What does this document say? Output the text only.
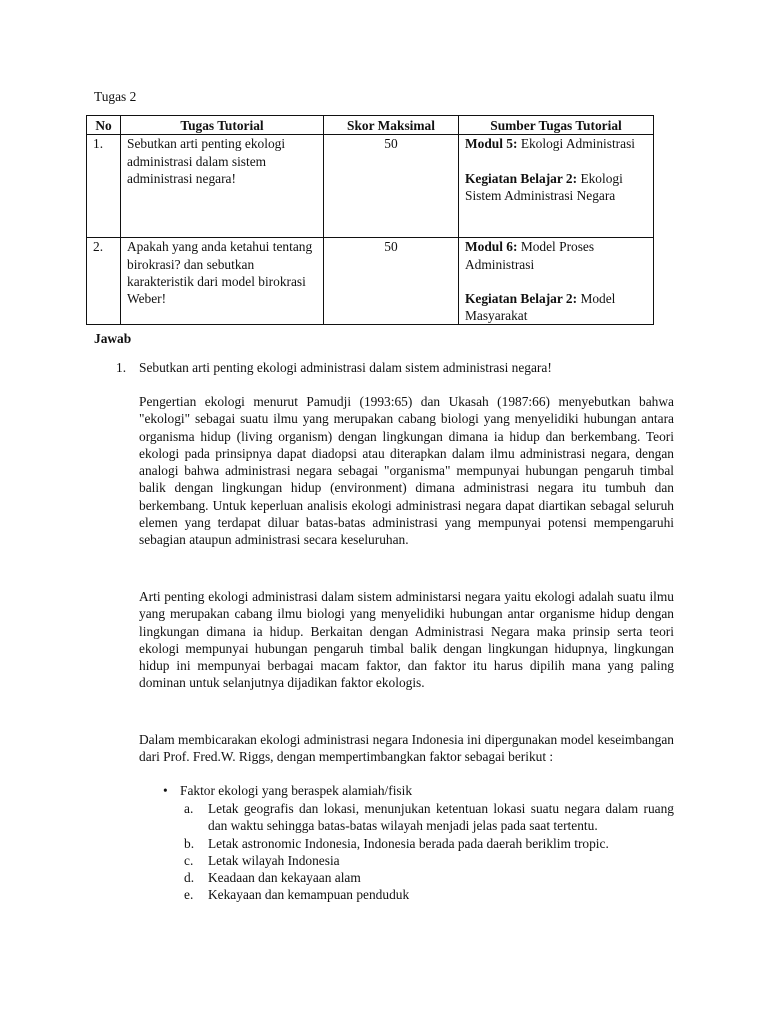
Tugas 2
No	Tugas Tutorial	Skor Maksimal	Sumber Tugas Tutorial
1.	Sebutkan arti penting ekologi administrasi dalam sistem administrasi negara!	50	Modul 5: Ekologi Administrasi
Kegiatan Belajar 2: Ekologi Sistem Administrasi Negara
2.	Apakah yang anda ketahui tentang birokrasi? dan sebutkan karakteristik dari model birokrasi Weber!	50	Modul 6: Model Proses Administrasi
Kegiatan Belajar 2: Model Masyarakat
Jawab
1. Sebutkan arti penting ekologi administrasi dalam sistem administrasi negara!
Pengertian ekologi menurut Pamudji (1993:65) dan Ukasah (1987:66) menyebutkan bahwa "ekologi" sebagai suatu ilmu yang merupakan cabang biologi yang menyelidiki hubungan antara organisma hidup (living organism) dengan lingkungan dimana ia hidup dan berkembang. Teori ekologi pada prinsipnya dapat diadopsi atau diterapkan dalam ilmu administrasi negara, dengan analogi bahwa administrasi negara sebagai "organisma" mempunyai hubungan pengaruh timbal balik dengan lingkungan hidup (environment) dimana administrasi negara itu tumbuh dan berkembang. Untuk keperluan analisis ekologi administrasi negara dapat diartikan sebagal seluruh elemen yang terdapat diluar batas-batas administrasi yang mempunyai potensi mempengaruhi sebagian ataupun administrasi secara keseluruhan.
Arti penting ekologi administrasi dalam sistem administarsi negara yaitu ekologi adalah suatu ilmu yang merupakan cabang ilmu biologi yang menyelidiki hubungan antar organisme hidup dengan lingkungan dimana ia hidup. Berkaitan dengan Administrasi Negara maka prinsip serta teori ekologi mempunyai hubungan pengaruh timbal balik dengan lingkungan hidupnya, lingkungan hidup ini mempunyai berbagai macam faktor, dan faktor itu harus dipilih mana yang paling dominan untuk selanjutnya dijadikan faktor ekologis.
Dalam membicarakan ekologi administrasi negara Indonesia ini dipergunakan model keseimbangan dari Prof. Fred.W. Riggs, dengan mempertimbangkan faktor sebagai berikut :
• Faktor ekologi yang beraspek alamiah/fisik
a. Letak geografis dan lokasi, menunjukan ketentuan lokasi suatu negara dalam ruang dan waktu sehingga batas-batas wilayah menjadi jelas pada saat tertentu.
b. Letak astronomic Indonesia, Indonesia berada pada daerah beriklim tropic.
c. Letak wilayah Indonesia
d. Keadaan dan kekayaan alam
e. Kekayaan dan kemampuan penduduk
